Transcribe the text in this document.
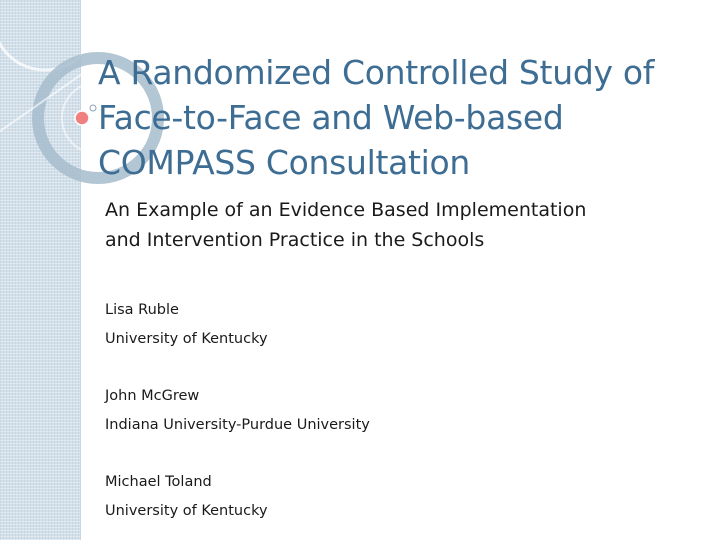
A Randomized Controlled Study of
Face-to-Face and Web-based
COMPASS Consultation

An Example of an Evidence Based Implementation
and Intervention Practice in the Schools

Lisa Ruble
University of Kentucky
John McGrew
Indiana University-Purdue University
Michael Toland
University of Kentucky
